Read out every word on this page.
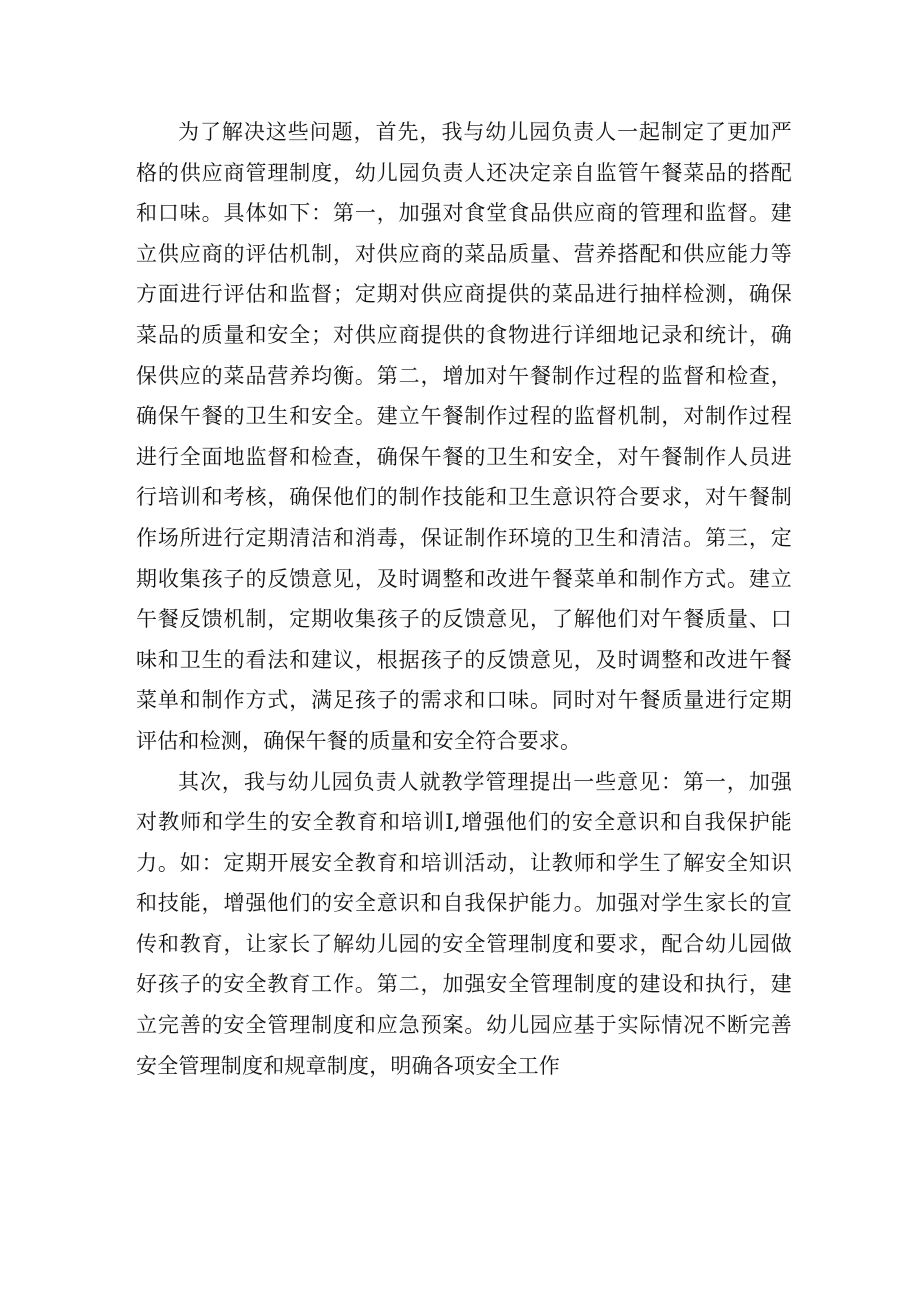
为了解决这些问题，首先，我与幼儿园负责人一起制定了更加严格的供应商管理制度，幼儿园负责人还决定亲自监管午餐菜品的搭配和口味。具体如下：第一，加强对食堂食品供应商的管理和监督。建立供应商的评估机制，对供应商的菜品质量、营养搭配和供应能力等方面进行评估和监督；定期对供应商提供的菜品进行抽样检测，确保菜品的质量和安全；对供应商提供的食物进行详细地记录和统计，确保供应的菜品营养均衡。第二，增加对午餐制作过程的监督和检查，确保午餐的卫生和安全。建立午餐制作过程的监督机制，对制作过程进行全面地监督和检查，确保午餐的卫生和安全，对午餐制作人员进行培训和考核，确保他们的制作技能和卫生意识符合要求，对午餐制作场所进行定期清洁和消毒，保证制作环境的卫生和清洁。第三，定期收集孩子的反馈意见，及时调整和改进午餐菜单和制作方式。建立午餐反馈机制，定期收集孩子的反馈意见，了解他们对午餐质量、口味和卫生的看法和建议，根据孩子的反馈意见，及时调整和改进午餐菜单和制作方式，满足孩子的需求和口味。同时对午餐质量进行定期评估和检测，确保午餐的质量和安全符合要求。

其次，我与幼儿园负责人就教学管理提出一些意见：第一，加强对教师和学生的安全教育和培训I,增强他们的安全意识和自我保护能力。如：定期开展安全教育和培训活动，让教师和学生了解安全知识和技能，增强他们的安全意识和自我保护能力。加强对学生家长的宣传和教育，让家长了解幼儿园的安全管理制度和要求，配合幼儿园做好孩子的安全教育工作。第二，加强安全管理制度的建设和执行，建立完善的安全管理制度和应急预案。幼儿园应基于实际情况不断完善安全管理制度和规章制度，明确各项安全工作
